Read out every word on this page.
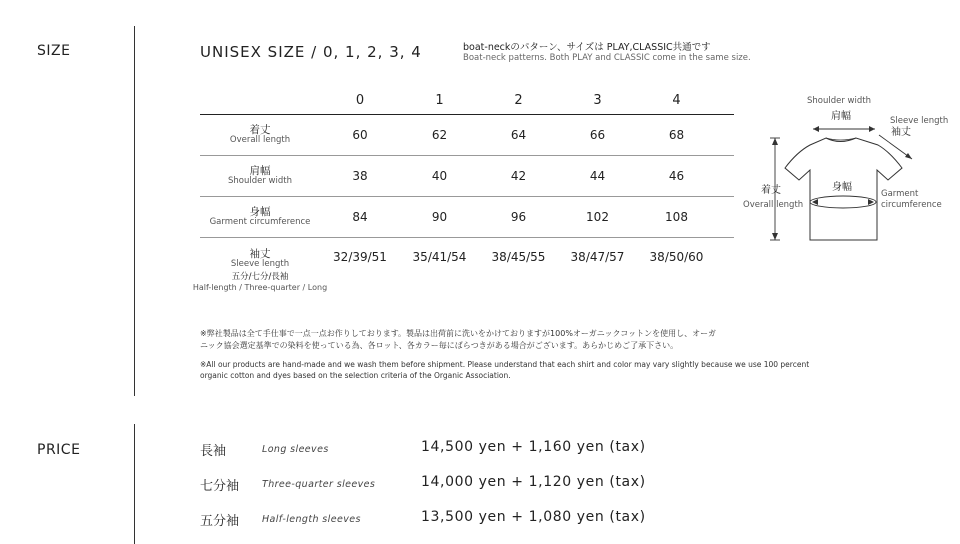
SIZE	UNISEX SIZE / 0, 1, 2, 3, 4	boat-neckのパターン、サイズは PLAY,CLASSIC共通です
Boat-neck patterns. Both PLAY and CLASSIC come in the same size.
	0	1	2	3	4	

着丈
Overall length	60	62	64	66	68	

肩幅
Shoulder width	38	40	42	44	46	

身幅
Garment circumference	84	90	96	102	108	

袖丈
Sleeve length
五分/七分/長袖
Half-length / Three-quarter / Long	32/39/51	35/41/54	38/45/55	38/47/57	38/50/60	
Shoulder width
肩幅	Sleeve length
袖丈
着丈
Overall length
身幅
Garment
circumference
※弊社製品は全て手仕事で一点一点お作りしております。製品は出荷前に洗いをかけておりますが100%オーガニックコットンを使用し、オーガ
ニック協会選定基準での染料を使っている為、各ロット、各カラー毎にばらつきがある場合がございます。あらかじめご了承下さい。
※All our products are hand-made and we wash them before shipment. Please understand that each shirt and color may vary slightly because we use 100 percent
organic cotton and dyes based on the selection criteria of the Organic Association.
PRICE	長袖	Long sleeves	14,500 yen + 1,160 yen (tax)
七分袖 Three-quarter sleeves	14,000 yen + 1,120 yen (tax)
五分袖 Half-length sleeves	13,500 yen + 1,080 yen (tax)
